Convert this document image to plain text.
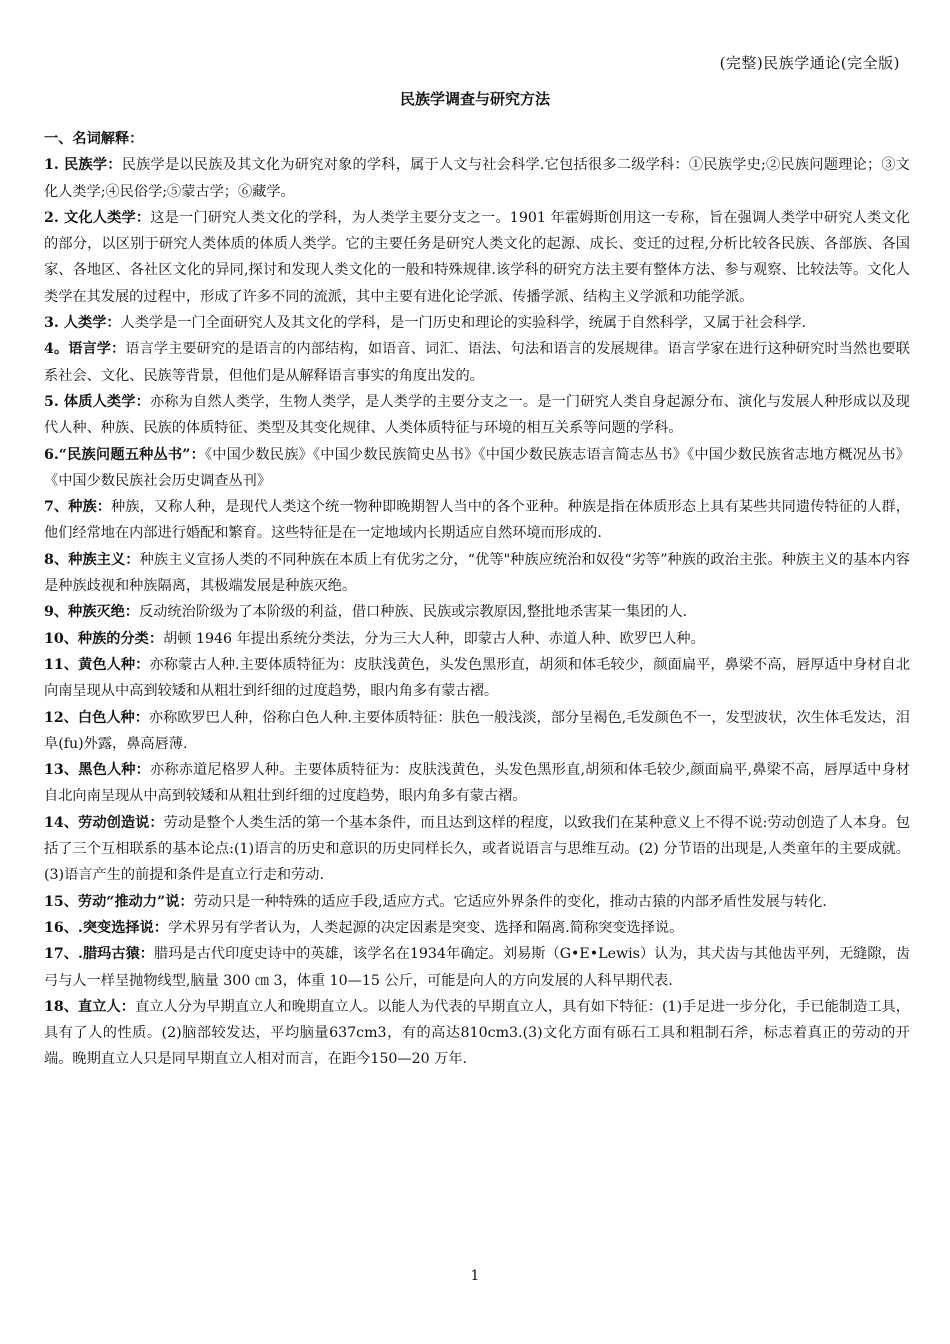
(完整)民族学通论(完全版)
民族学调查与研究方法

一、名词解释：

1. 民族学：民族学是以民族及其文化为研究对象的学科，属于人文与社会科学.它包括很多二级学科：①民族学史;②民族问题理论；③文化人类学;④民俗学;⑤蒙古学；⑥藏学。

2. 文化人类学：这是一门研究人类文化的学科，为人类学主要分支之一。1901 年霍姆斯创用这一专称，旨在强调人类学中研究人类文化的部分，以区别于研究人类体质的体质人类学。它的主要任务是研究人类文化的起源、成长、变迁的过程,分析比较各民族、各部族、各国家、各地区、各社区文化的异同,探讨和发现人类文化的一般和特殊规律.该学科的研究方法主要有整体方法、参与观察、比较法等。文化人类学在其发展的过程中，形成了许多不同的流派，其中主要有进化论学派、传播学派、结构主义学派和功能学派。

3. 人类学：人类学是一门全面研究人及其文化的学科，是一门历史和理论的实验科学，统属于自然科学，又属于社会科学.

4。语言学：语言学主要研究的是语言的内部结构，如语音、词汇、语法、句法和语言的发展规律。语言学家在进行这种研究时当然也要联系社会、文化、民族等背景，但他们是从解释语言事实的角度出发的。

5. 体质人类学：亦称为自然人类学，生物人类学，是人类学的主要分支之一。是一门研究人类自身起源分布、演化与发展人种形成以及现代人种、种族、民族的体质特征、类型及其变化规律、人类体质特征与环境的相互关系等问题的学科。

6.“民族问题五种丛书”：《中国少数民族》《中国少数民族简史丛书》《中国少数民族志语言简志丛书》《中国少数民族省志地方概况丛书》《中国少数民族社会历史调查丛刊》

7、种族：种族，又称人种，是现代人类这个统一物种即晚期智人当中的各个亚种。种族是指在体质形态上具有某些共同遗传特征的人群，他们经常地在内部进行婚配和繁育。这些特征是在一定地域内长期适应自然环境而形成的.

8、种族主义：种族主义宣扬人类的不同种族在本质上有优劣之分，“优等"种族应统治和奴役“劣等”种族的政治主张。种族主义的基本内容是种族歧视和种族隔离，其极端发展是种族灭绝。

9、种族灭绝：反动统治阶级为了本阶级的利益，借口种族、民族或宗教原因,整批地杀害某一集团的人.

10、种族的分类：胡顿 1946 年提出系统分类法，分为三大人种，即蒙古人种、赤道人种、欧罗巴人种。

11、黄色人种：亦称蒙古人种.主要体质特征为：皮肤浅黄色，头发色黑形直，胡须和体毛较少，颜面扁平，鼻梁不高，唇厚适中身材自北向南呈现从中高到较矮和从粗壮到纤细的过度趋势，眼内角多有蒙古褶。

12、白色人种：亦称欧罗巴人种，俗称白色人种.主要体质特征：肤色一般浅淡，部分呈褐色,毛发颜色不一，发型波状，次生体毛发达，泪阜(fu)外露，鼻高唇薄.

13、黑色人种：亦称赤道尼格罗人种。主要体质特征为：皮肤浅黄色，头发色黑形直,胡须和体毛较少,颜面扁平,鼻梁不高，唇厚适中身材自北向南呈现从中高到较矮和从粗壮到纤细的过度趋势，眼内角多有蒙古褶。

14、劳动创造说：劳动是整个人类生活的第一个基本条件，而且达到这样的程度，以致我们在某种意义上不得不说:劳动创造了人本身。包括了三个互相联系的基本论点:(1)语言的历史和意识的历史同样长久，或者说语言与思维互动。(2) 分节语的出现是,人类童年的主要成就。(3)语言产生的前提和条件是直立行走和劳动.

15、劳动“推动力”说：劳动只是一种特殊的适应手段,适应方式。它适应外界条件的变化，推动古猿的内部矛盾性发展与转化.

16、.突变选择说：学术界另有学者认为，人类起源的决定因素是突变、选择和隔离.简称突变选择说。

17、.腊玛古猿：腊玛是古代印度史诗中的英雄，该学名在1934年确定。刘易斯（G•E•Lewis）认为，其犬齿与其他齿平列，无缝隙，齿弓与人一样呈抛物线型,脑量 300 ㎝ 3，体重 10—15 公斤，可能是向人的方向发展的人科早期代表.

18、直立人：直立人分为早期直立人和晚期直立人。以能人为代表的早期直立人，具有如下特征：(1)手足进一步分化，手已能制造工具，具有了人的性质。(2)脑部较发达，平均脑量637cm3，有的高达810cm3.(3)文化方面有砾石工具和粗制石斧，标志着真正的劳动的开端。晚期直立人只是同早期直立人相对而言，在距今150—20 万年.

1
